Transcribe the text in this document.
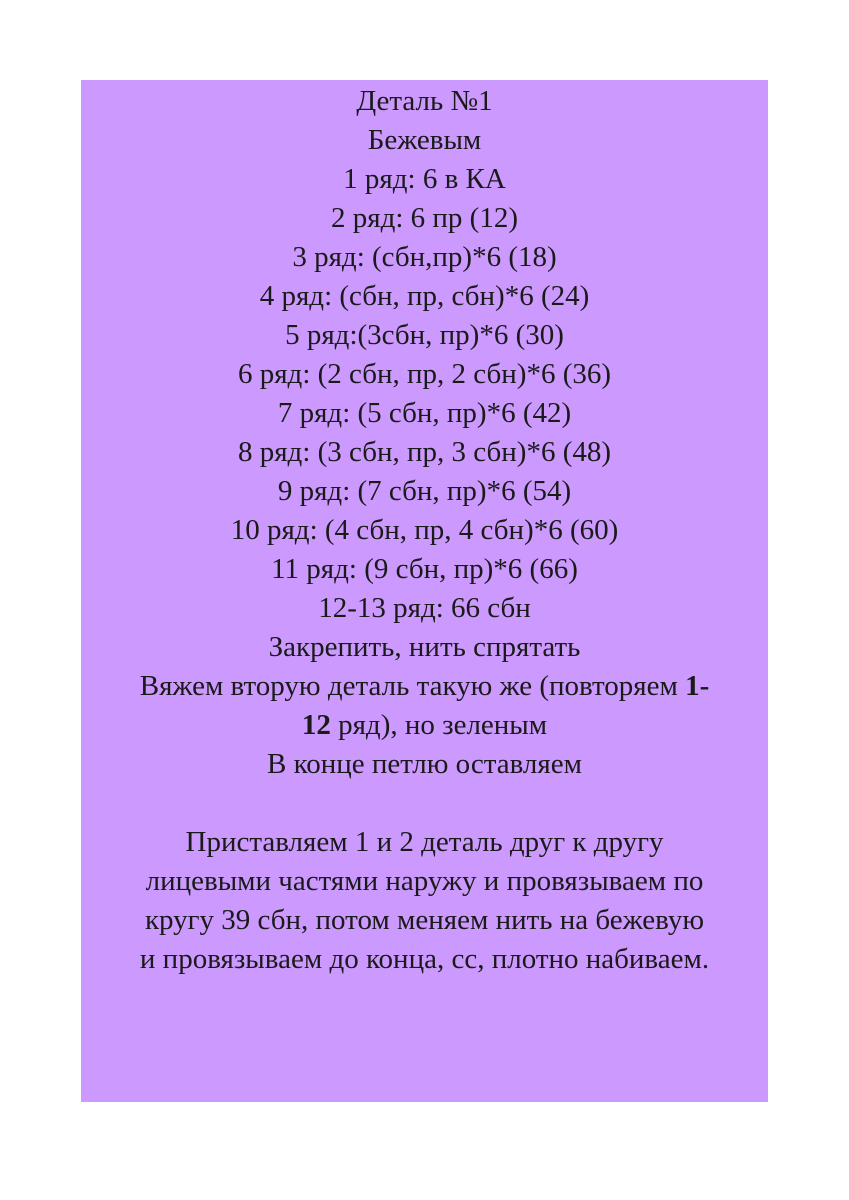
Деталь №1
Бежевым
1 ряд: 6 в КА
2 ряд: 6 пр (12)
3 ряд: (сбн,пр)*6 (18)
4 ряд: (сбн, пр, сбн)*6 (24)
5 ряд:(3сбн, пр)*6 (30)
6 ряд: (2 сбн, пр, 2 сбн)*6 (36)
7 ряд: (5 сбн, пр)*6 (42)
8 ряд: (3 сбн, пр, 3 сбн)*6 (48)
9 ряд: (7 сбн, пр)*6 (54)
10 ряд: (4 сбн, пр, 4 сбн)*6 (60)
11 ряд: (9 сбн, пр)*6 (66)
12-13 ряд: 66 сбн
Закрепить, нить спрятать
Вяжем вторую деталь такую же (повторяем 1-
12 ряд), но зеленым
В конце петлю оставляем
Приставляем 1 и 2 деталь друг к другу
лицевыми частями наружу и провязываем по
кругу 39 сбн, потом меняем нить на бежевую
и провязываем до конца, сс, плотно набиваем.
